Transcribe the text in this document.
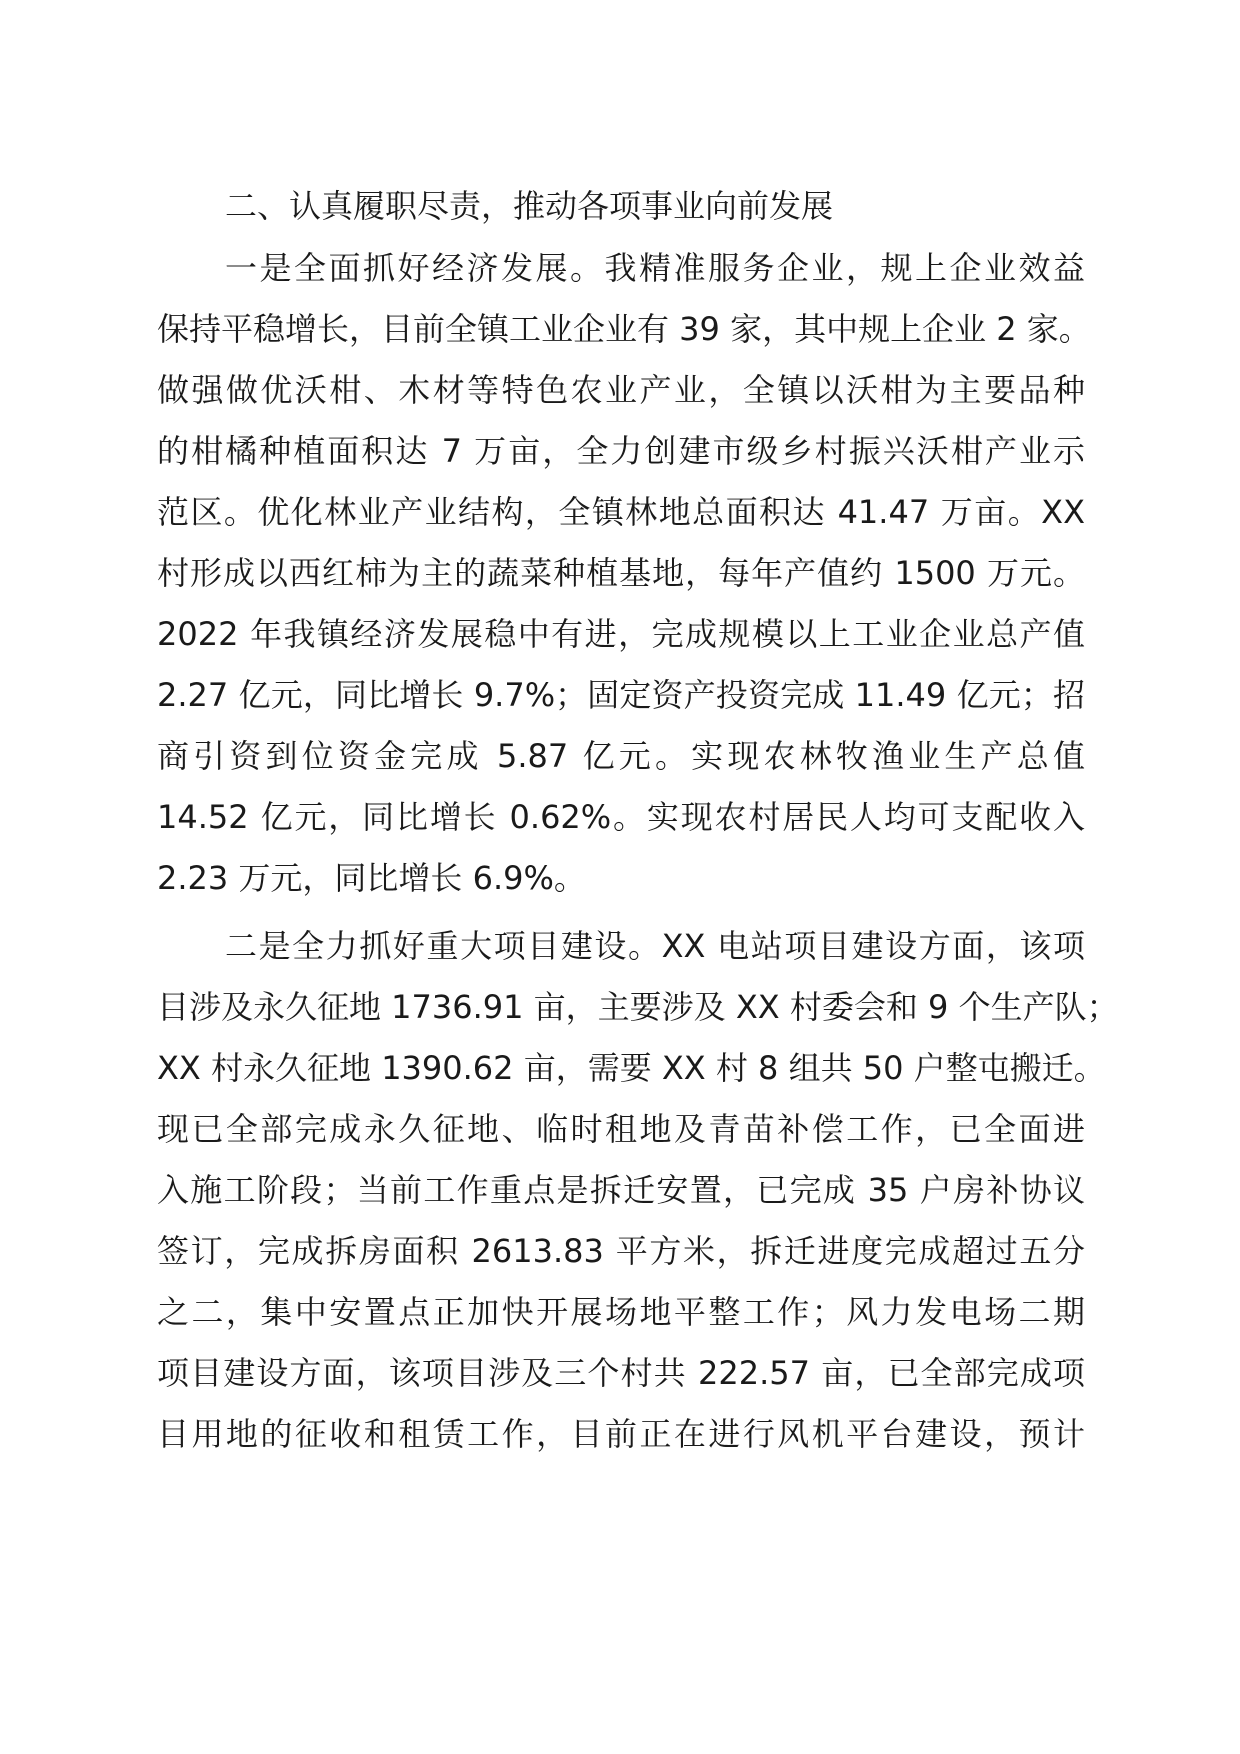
二、认真履职尽责，推动各项事业向前发展
一是全面抓好经济发展。我精准服务企业，规上企业效益
保持平稳增长，目前全镇工业企业有 39 家，其中规上企业 2 家。
做强做优沃柑、木材等特色农业产业，全镇以沃柑为主要品种
的柑橘种植面积达 7 万亩，全力创建市级乡村振兴沃柑产业示
范区。优化林业产业结构，全镇林地总面积达 41.47 万亩。XX
村形成以西红柿为主的蔬菜种植基地，每年产值约 1500 万元。
2022 年我镇经济发展稳中有进，完成规模以上工业企业总产值
2.27 亿元，同比增长 9.7%；固定资产投资完成 11.49 亿元；招
商引资到位资金完成 5.87 亿元。实现农林牧渔业生产总值
14.52 亿元，同比增长 0.62%。实现农村居民人均可支配收入
2.23 万元，同比增长 6.9%。
二是全力抓好重大项目建设。XX 电站项目建设方面，该项
目涉及永久征地 1736.91 亩，主要涉及 XX 村委会和 9 个生产队；
XX 村永久征地 1390.62 亩，需要 XX 村 8 组共 50 户整屯搬迁。
现已全部完成永久征地、临时租地及青苗补偿工作，已全面进
入施工阶段；当前工作重点是拆迁安置，已完成 35 户房补协议
签订，完成拆房面积 2613.83 平方米，拆迁进度完成超过五分
之二，集中安置点正加快开展场地平整工作；风力发电场二期
项目建设方面，该项目涉及三个村共 222.57 亩，已全部完成项
目用地的征收和租赁工作，目前正在进行风机平台建设，预计
